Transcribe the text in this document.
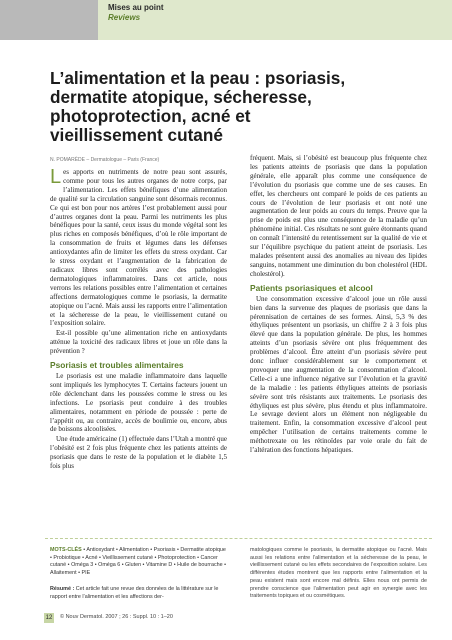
Mises au point
Reviews
L’alimentation et la peau : psoriasis, dermatite atopique, sécheresse, photoprotection, acné et vieillissement cutané
N. POMARÈDE – Dermatologue – Paris (France)

Les apports en nutriments de notre peau sont assurés, comme pour tous les autres organes de notre corps, par l’alimentation. Les effets bénéfiques d’une alimentation de qualité sur la circulation sanguine sont désormais reconnus. Ce qui est bon pour nos artères l’est probablement aussi pour d’autres organes dont la peau. Parmi les nutriments les plus bénéfiques pour la santé, ceux issus du monde végétal sont les plus riches en composés bénéfiques, d’où le rôle important de la consommation de fruits et légumes dans les défenses antioxydantes afin de limiter les effets du stress oxydant. Car le stress oxydant et l’augmentation de la fabrication de radicaux libres sont corrélés avec des pathologies dermatologiques inflammatoires. Dans cet article, nous verrons les relations possibles entre l’alimentation et certaines affections dermatologiques comme le psoriasis, la dermatite atopique ou l’acné. Mais aussi les rapports entre l’alimentation et la sécheresse de la peau, le vieillissement cutané ou l’exposition solaire.

Est-il possible qu’une alimentation riche en antioxydants atténue la toxicité des radicaux libres et joue un rôle dans la prévention ?

Psoriasis et troubles alimentaires

Le psoriasis est une maladie inflammatoire dans laquelle sont impliqués les lymphocytes T. Certains facteurs jouent un rôle déclenchant dans les poussées comme le stress ou les infections. Le psoriasis peut conduire à des troubles alimentaires, notamment en période de poussée : perte de l’appétit ou, au contraire, accès de boulimie ou, encore, abus de boissons alcoolisées.

Une étude américaine (1) effectuée dans l’Utah a montré que l’obésité est 2 fois plus fréquente chez les patients atteints de psoriasis que dans le reste de la population et le diabète 1,5 fois plus

fréquent. Mais, si l’obésité est beaucoup plus fréquente chez les patients atteints de psoriasis que dans la population générale, elle apparaît plus comme une conséquence de l’évolution du psoriasis que comme une de ses causes. En effet, les chercheurs ont comparé le poids de ces patients au cours de l’évolution de leur psoriasis et ont noté une augmentation de leur poids au cours du temps. Preuve que la prise de poids est plus une conséquence de la maladie qu’un phénomène initial. Ces résultats ne sont guère étonnants quand on connaît l’intensité du retentissement sur la qualité de vie et sur l’équilibre psychique du patient atteint de psoriasis. Les malades présentent aussi des anomalies au niveau des lipides sanguins, notamment une diminution du bon cholestérol (HDL cholestérol).

Patients psoriasiques et alcool

Une consommation excessive d’alcool joue un rôle aussi bien dans la survenue des plaques de psoriasis que dans la pérennisation de certaines de ses formes. Ainsi, 5,3 % des éthyliques présentent un psoriasis, un chiffre 2 à 3 fois plus élevé que dans la population générale. De plus, les hommes atteints d’un psoriasis sévère ont plus fréquemment des problèmes d’alcool. Être atteint d’un psoriasis sévère peut donc influer considérablement sur le comportement et provoquer une augmentation de la consommation d’alcool. Celle-ci a une influence négative sur l’évolution et la gravité de la maladie : les patients éthyliques atteints de psoriasis sévère sont très résistants aux traitements. Le psoriasis des éthyliques est plus sévère, plus étendu et plus inflammatoire. Le sevrage devient alors un élément non négligeable du traitement. Enfin, la consommation excessive d’alcool peut empêcher l’utilisation de certains traitements comme le méthotrexate ou les rétinoïdes par voie orale du fait de l’altération des fonctions hépatiques.

MOTS-CLÉS • Antioxydant • Alimentation • Psoriasis • Dermatite atopique • Probiotique • Acné • Vieillissement cutané • Photoprotection • Cancer cutané • Oméga 3 • Oméga 6 • Gluten • Vitamine D • Huile de bourrache • Allaitement • PIE
Résumé : Cet article fait une revue des données de la littérature sur le rapport entre l’alimentation et les affections der-
matologiques comme le psoriasis, la dermatite atopique ou l’acné. Mais aussi les relations entre l’alimentation et la sécheresse de la peau, le vieillissement cutané ou les effets secondaires de l’exposition solaire. Les différentes études montrent que les rapports entre l’alimentation et la peau existent mais sont encore mal définis. Elles nous ont permis de prendre conscience que l’alimentation peut agir en synergie avec les traitements topiques et ou cosmétiques.
12	© Nouv Dermatol. 2007 ; 26 : Suppl. 10 : 1–20
